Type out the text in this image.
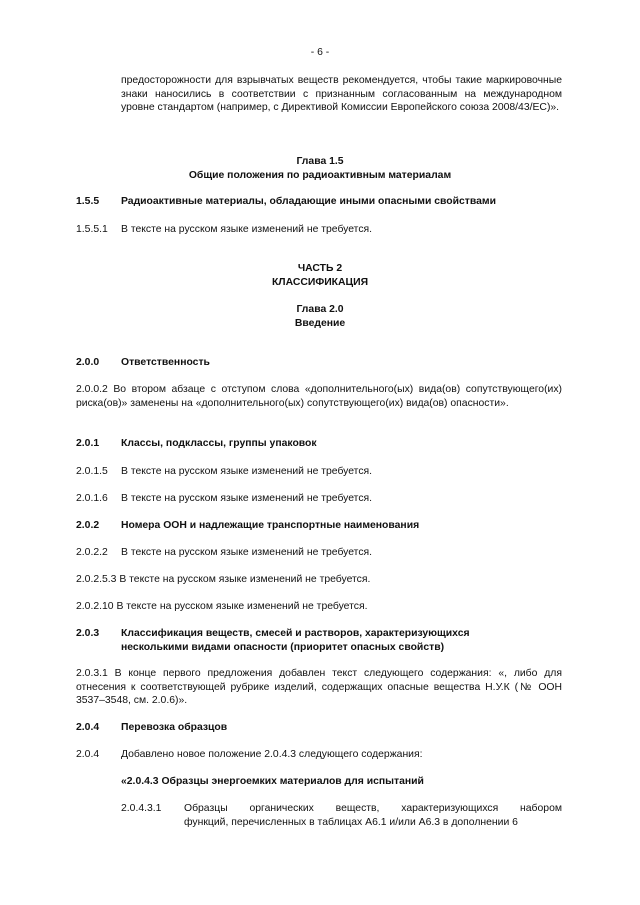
- 6 -
предосторожности для взрывчатых веществ рекомендуется, чтобы такие маркировочные знаки наносились в соответствии с признанным согласованным на международном уровне стандартом (например, с Директивой Комиссии Европейского союза 2008/43/ЕС)».
Глава 1.5
Общие положения по радиоактивным материалам
1.5.5 Радиоактивные материалы, обладающие иными опасными свойствами
1.5.5.1 В тексте на русском языке изменений не требуется.
ЧАСТЬ 2
КЛАССИФИКАЦИЯ
Глава 2.0
Введение
2.0.0 Ответственность
2.0.0.2 Во втором абзаце с отступом слова «дополнительного(ых) вида(ов) сопутствующего(их) риска(ов)» заменены на «дополнительного(ых) сопутствующего(их) вида(ов) опасности».
2.0.1 Классы, подклассы, группы упаковок
2.0.1.5 В тексте на русском языке изменений не требуется.
2.0.1.6 В тексте на русском языке изменений не требуется.
2.0.2 Номера ООН и надлежащие транспортные наименования
2.0.2.2 В тексте на русском языке изменений не требуется.
2.0.2.5.3 В тексте на русском языке изменений не требуется.
2.0.2.10 В тексте на русском языке изменений не требуется.
2.0.3 Классификация веществ, смесей и растворов, характеризующихся
несколькими видами опасности (приоритет опасных свойств)
2.0.3.1 В конце первого предложения добавлен текст следующего содержания: «, либо для отнесения к соответствующей рубрике изделий, содержащих опасные вещества Н.У.К (№ ООН 3537–3548, см. 2.0.6)».
2.0.4 Перевозка образцов
2.0.4 Добавлено новое положение 2.0.4.3 следующего содержания:
«2.0.4.3 Образцы энергоемких материалов для испытаний
2.0.4.3.1 Образцы органических веществ, характеризующихся набором
функций, перечисленных в таблицах А6.1 и/или А6.3 в дополнении 6
